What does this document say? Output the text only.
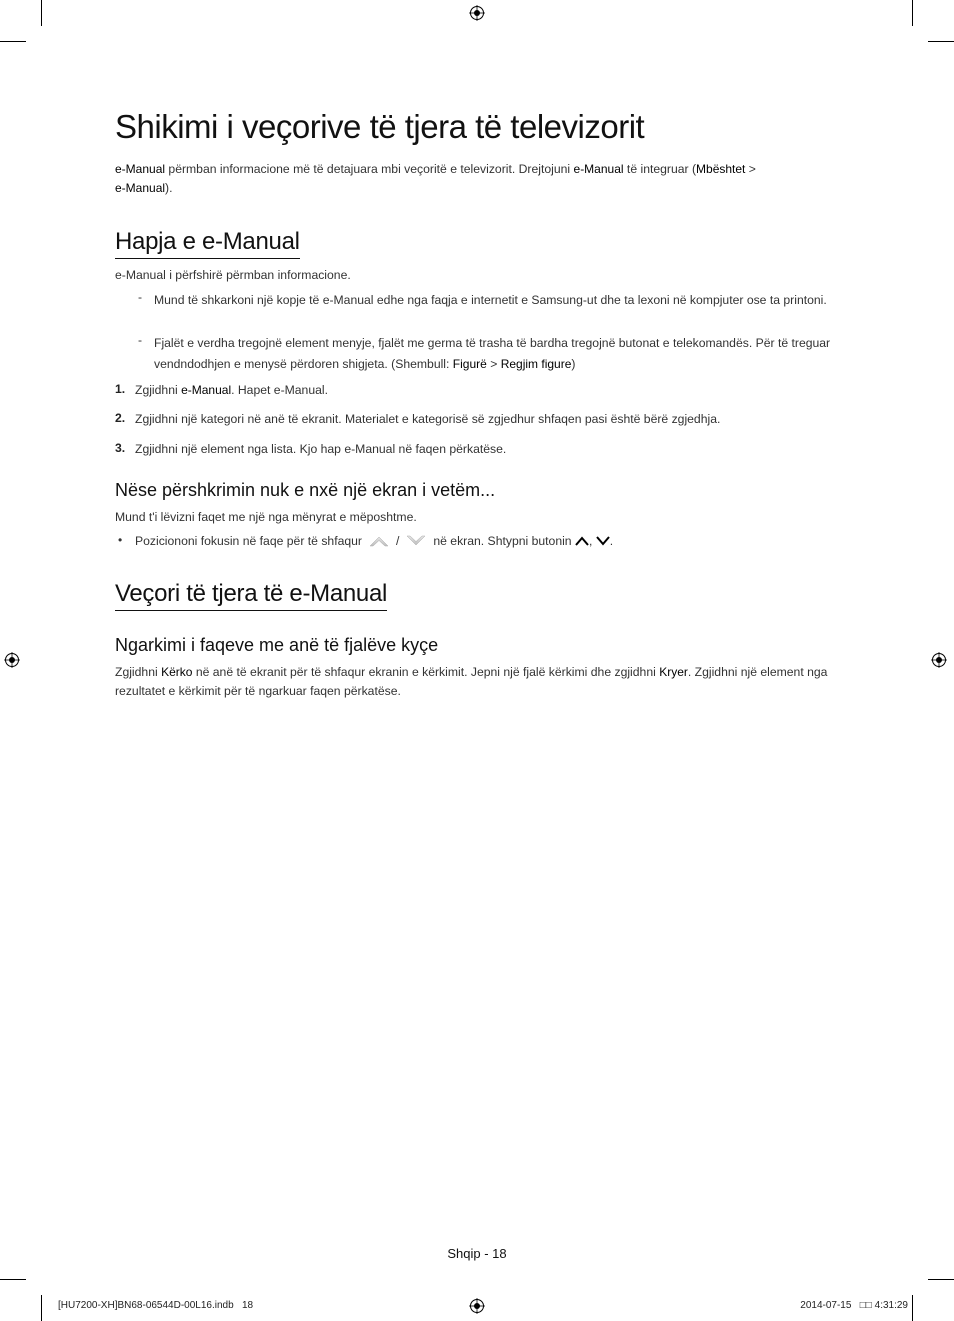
Shikimi i veçorive të tjera të televizorit
e-Manual përmban informacione më të detajuara mbi veçoritë e televizorit. Drejtojuni e-Manual të integruar (Mbështet >
e-Manual).
Hapja e e-Manual
e-Manual i përfshirë përmban informacione.
- Mund të shkarkoni një kopje të e-Manual edhe nga faqja e internetit e Samsung-ut dhe ta lexoni në kompjuter ose ta printoni.
- Fjalët e verdha tregojnë element menyje, fjalët me germa të trasha të bardha tregojnë butonat e telekomandës. Për të treguar vendndodhjen e menysë përdoren shigjeta. (Shembull: Figurë > Regjim figure)
1. Zgjidhni e-Manual. Hapet e-Manual.
2. Zgjidhni një kategori në anë të ekranit. Materialet e kategorisë së zgjedhur shfaqen pasi është bërë zgjedhja.
3. Zgjidhni një element nga lista. Kjo hap e-Manual në faqen përkatëse.
Nëse përshkrimin nuk e nxë një ekran i vetëm...
Mund t'i lëvizni faqet me një nga mënyrat e mëposhtme.
• Poziciononi fokusin në faqe për të shfaqur	/	në ekran. Shtypni butonin , .
Veçori të tjera të e-Manual
Ngarkimi i faqeve me anë të fjalëve kyçe
Zgjidhni Kërko në anë të ekranit për të shfaqur ekranin e kërkimit. Jepni një fjalë kërkimi dhe zgjidhni Kryer. Zgjidhni një element nga rezultatet e kërkimit për të ngarkuar faqen përkatëse.
Shqip - 18
[HU7200-XH]BN68-06544D-00L16.indb   18	2014-07-15   □□ 4:31:29
